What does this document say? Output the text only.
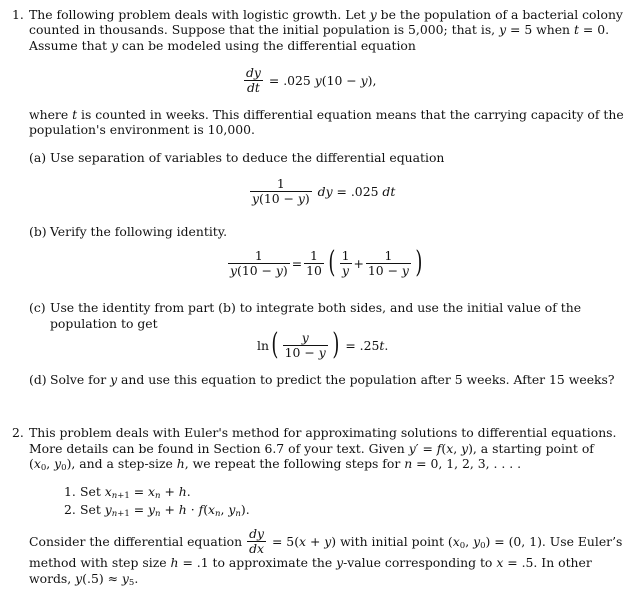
1. The following problem deals with logistic growth. Let y be the population of a bacterial colony
counted in thousands. Suppose that the initial population is 5,000; that is, y = 5 when t = 0.
Assume that y can be modeled using the differential equation
$\frac{dy}{dt} = .025$ y(10 − y),
where t is counted in weeks. This differential equation means that the carrying capacity of the
population's environment is 10,000.
(a) Use separation of variables to deduce the differential equation
$\frac{1}{y(10 - y)}$ dy = .025 dt
(b) Verify the following identity.
$\frac{1}{y(10 - y)} = \frac{1}{10}$ ( $\frac{1}{y} + \frac{1}{10 - y}$ )
(c) Use the identity from part (b) to integrate both sides, and use the initial value of the
population to get
ln ( $\frac{y}{10 - y}$ ) = .25t.
(d) Solve for y and use this equation to predict the population after 5 weeks. After 15 weeks?
2. This problem deals with Euler's method for approximating solutions to differential equations.
More details can be found in Section 6.7 of your text. Given y′ = f(x, y), a starting point of
($x_0$, $y_0$), and a step-size h, we repeat the following steps for n = 0, 1, 2, 3, . . . .
1. Set $x_{n+1} = x_n + h$.
2. Set $y_{n+1} = y_n + h \cdot f(x_n$, $y_n$).
Consider the differential equation $\frac{dy}{dx} = 5(x + y)$ with initial point ($x_0$, $y_0) = (0$, 1). Use Euler’s
method with step size h = .1 to approximate the y-value corresponding to x = .5. In other
words, $y(.5) \approx y_5$.
